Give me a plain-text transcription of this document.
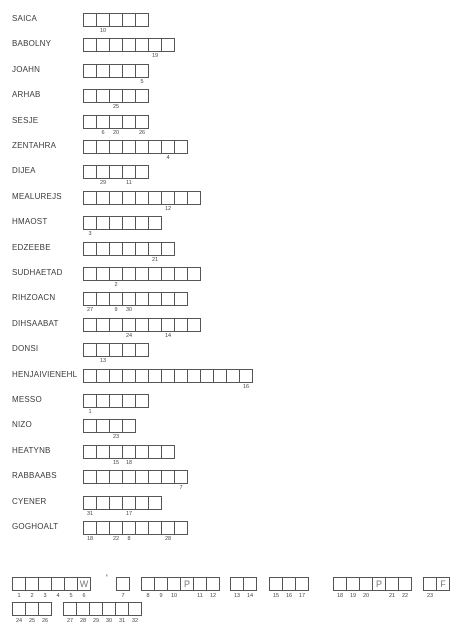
SAICA
10
BABOLNY
19
JOAHN
5
ARHAB
25
SESJE
6 20	26
ZENTAHRA
4
DIJEA
29	11
MEALUREJS
12
HMAOST
3
EDZEEBE
21
SUDHAETAD
2
RIHZOACN
27	9 30
DIHSAABAT
24	14
DONSI
13
HENJAIVIENEHL
16
MESSO
1
NIZO
23
HEATYNB
15 18
RABBAABS
7
CYENER
31	17
GOGHOALT
18	22 8	28
1 2 3 4 5 6
W
7	8 9 10	11 12
P
13 14	15 16 17	18 19 20	21 22
P
23
F
24 25 26	27 28 29 30 31 32
'
